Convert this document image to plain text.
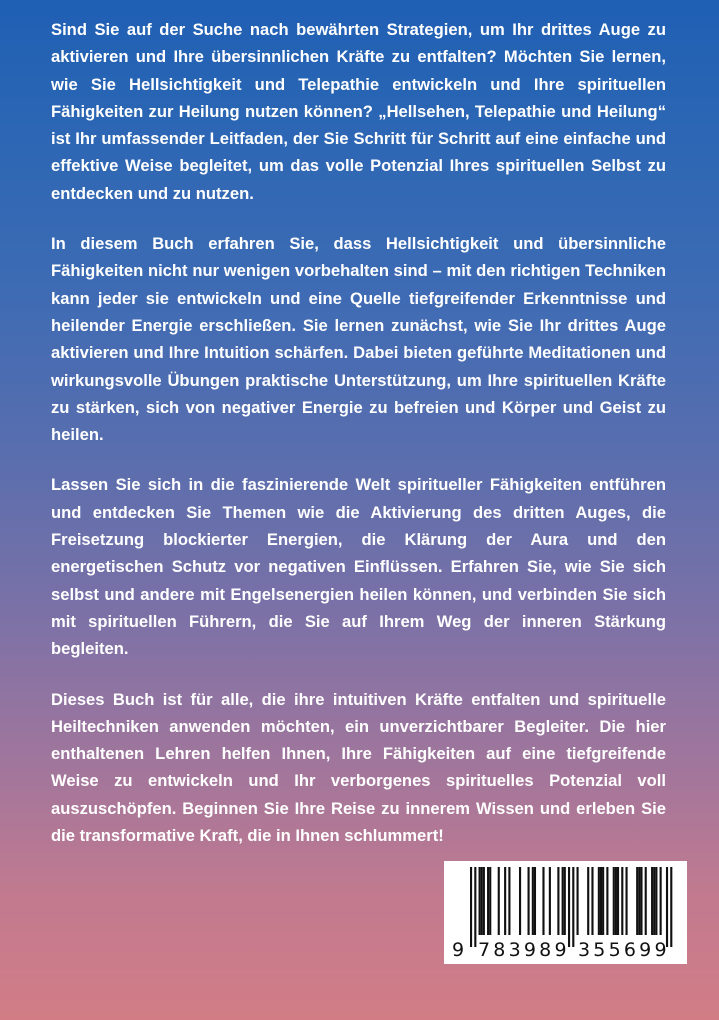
Sind Sie auf der Suche nach bewährten Strategien, um Ihr drittes Auge zu aktivieren und Ihre übersinnlichen Kräfte zu entfalten? Möchten Sie lernen, wie Sie Hellsichtigkeit und Telepathie entwickeln und Ihre spirituellen Fähigkeiten zur Heilung nutzen können? „Hellsehen, Telepathie und Heilung“ ist Ihr umfassender Leitfaden, der Sie Schritt für Schritt auf eine einfache und effektive Weise begleitet, um das volle Potenzial Ihres spirituellen Selbst zu entdecken und zu nutzen.

In diesem Buch erfahren Sie, dass Hellsichtigkeit und übersinnliche Fähigkeiten nicht nur wenigen vorbehalten sind – mit den richtigen Techniken kann jeder sie entwickeln und eine Quelle tiefgreifender Erkenntnisse und heilender Energie erschließen. Sie lernen zunächst, wie Sie Ihr drittes Auge aktivieren und Ihre Intuition schärfen. Dabei bieten geführte Meditationen und wirkungsvolle Übungen praktische Unterstützung, um Ihre spirituellen Kräfte zu stärken, sich von negativer Energie zu befreien und Körper und Geist zu heilen.

Lassen Sie sich in die faszinierende Welt spiritueller Fähigkeiten entführen und entdecken Sie Themen wie die Aktivierung des dritten Auges, die Freisetzung blockierter Energien, die Klärung der Aura und den energetischen Schutz vor negativen Einflüssen. Erfahren Sie, wie Sie sich selbst und andere mit Engelsenergien heilen können, und verbinden Sie sich mit spirituellen Führern, die Sie auf Ihrem Weg der inneren Stärkung begleiten.

Dieses Buch ist für alle, die ihre intuitiven Kräfte entfalten und spirituelle Heiltechniken anwenden möchten, ein unverzichtbarer Begleiter. Die hier enthaltenen Lehren helfen Ihnen, Ihre Fähigkeiten auf eine tiefgreifende Weise zu entwickeln und Ihr verborgenes spirituelles Potenzial voll auszuschöpfen. Beginnen Sie Ihre Reise zu innerem Wissen und erleben Sie die transformative Kraft, die in Ihnen schlummert!

9 783989 355699
